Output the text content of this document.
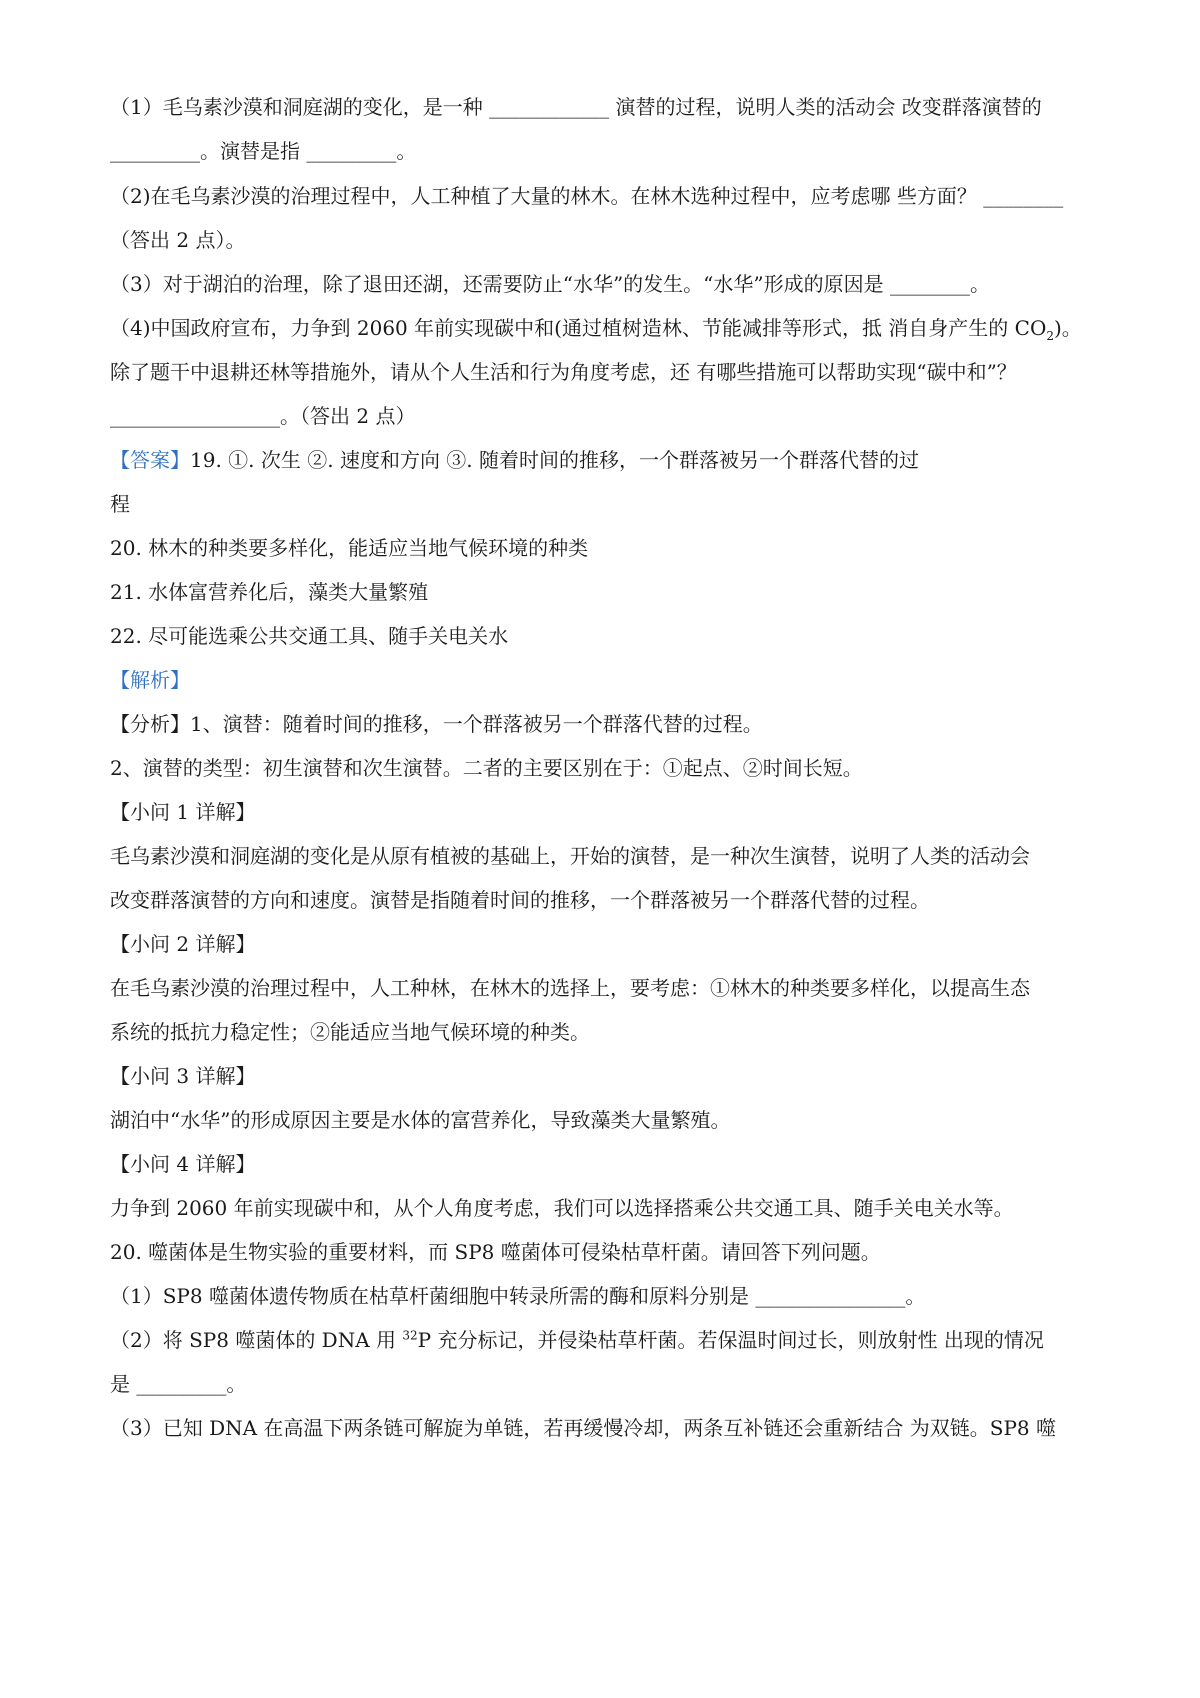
（1）毛乌素沙漠和洞庭湖的变化，是一种 ____________ 演替的过程，说明人类的活动会 改变群落演替的
_________。演替是指 _________。
（2)在毛乌素沙漠的治理过程中，人工种植了大量的林木。在林木选种过程中，应考虑哪 些方面？ ________
（答出 2 点）。
（3）对于湖泊的治理，除了退田还湖，还需要防止“水华”的发生。“水华”形成的原因是 ________。
（4)中国政府宣布，力争到 2060 年前实现碳中和(通过植树造林、节能减排等形式，抵 消自身产生的 $CO_2$)。
除了题干中退耕还林等措施外，请从个人生活和行为角度考虑，还 有哪些措施可以帮助实现“碳中和”？
_________________。（答出 2 点）
【答案】19. ①. 次生 ②. 速度和方向 ③. 随着时间的推移，一个群落被另一个群落代替的过
程
20. 林木的种类要多样化，能适应当地气候环境的种类
21. 水体富营养化后，藻类大量繁殖
22. 尽可能选乘公共交通工具、随手关电关水
【解析】
【分析】1、演替：随着时间的推移，一个群落被另一个群落代替的过程。
2、演替的类型：初生演替和次生演替。二者的主要区别在于：①起点、②时间长短。
【小问 1 详解】
毛乌素沙漠和洞庭湖的变化是从原有植被的基础上，开始的演替，是一种次生演替，说明了人类的活动会
改变群落演替的方向和速度。演替是指随着时间的推移，一个群落被另一个群落代替的过程。
【小问 2 详解】
在毛乌素沙漠的治理过程中，人工种林，在林木的选择上，要考虑：①林木的种类要多样化，以提高生态
系统的抵抗力稳定性；②能适应当地气候环境的种类。
【小问 3 详解】
湖泊中“水华”的形成原因主要是水体的富营养化，导致藻类大量繁殖。
【小问 4 详解】
力争到 2060 年前实现碳中和，从个人角度考虑，我们可以选择搭乘公共交通工具、随手关电关水等。
20. 噬菌体是生物实验的重要材料，而 SP8 噬菌体可侵染枯草杆菌。请回答下列问题。
（1）SP8 噬菌体遗传物质在枯草杆菌细胞中转录所需的酶和原料分别是 _______________。
（2）将 SP8 噬菌体的 DNA 用 $^{32}$P 充分标记，并侵染枯草杆菌。若保温时间过长，则放射性 出现的情况
是 _________。
（3）已知 DNA 在高温下两条链可解旋为单链，若再缓慢冷却，两条互补链还会重新结合 为双链。SP8 噬
